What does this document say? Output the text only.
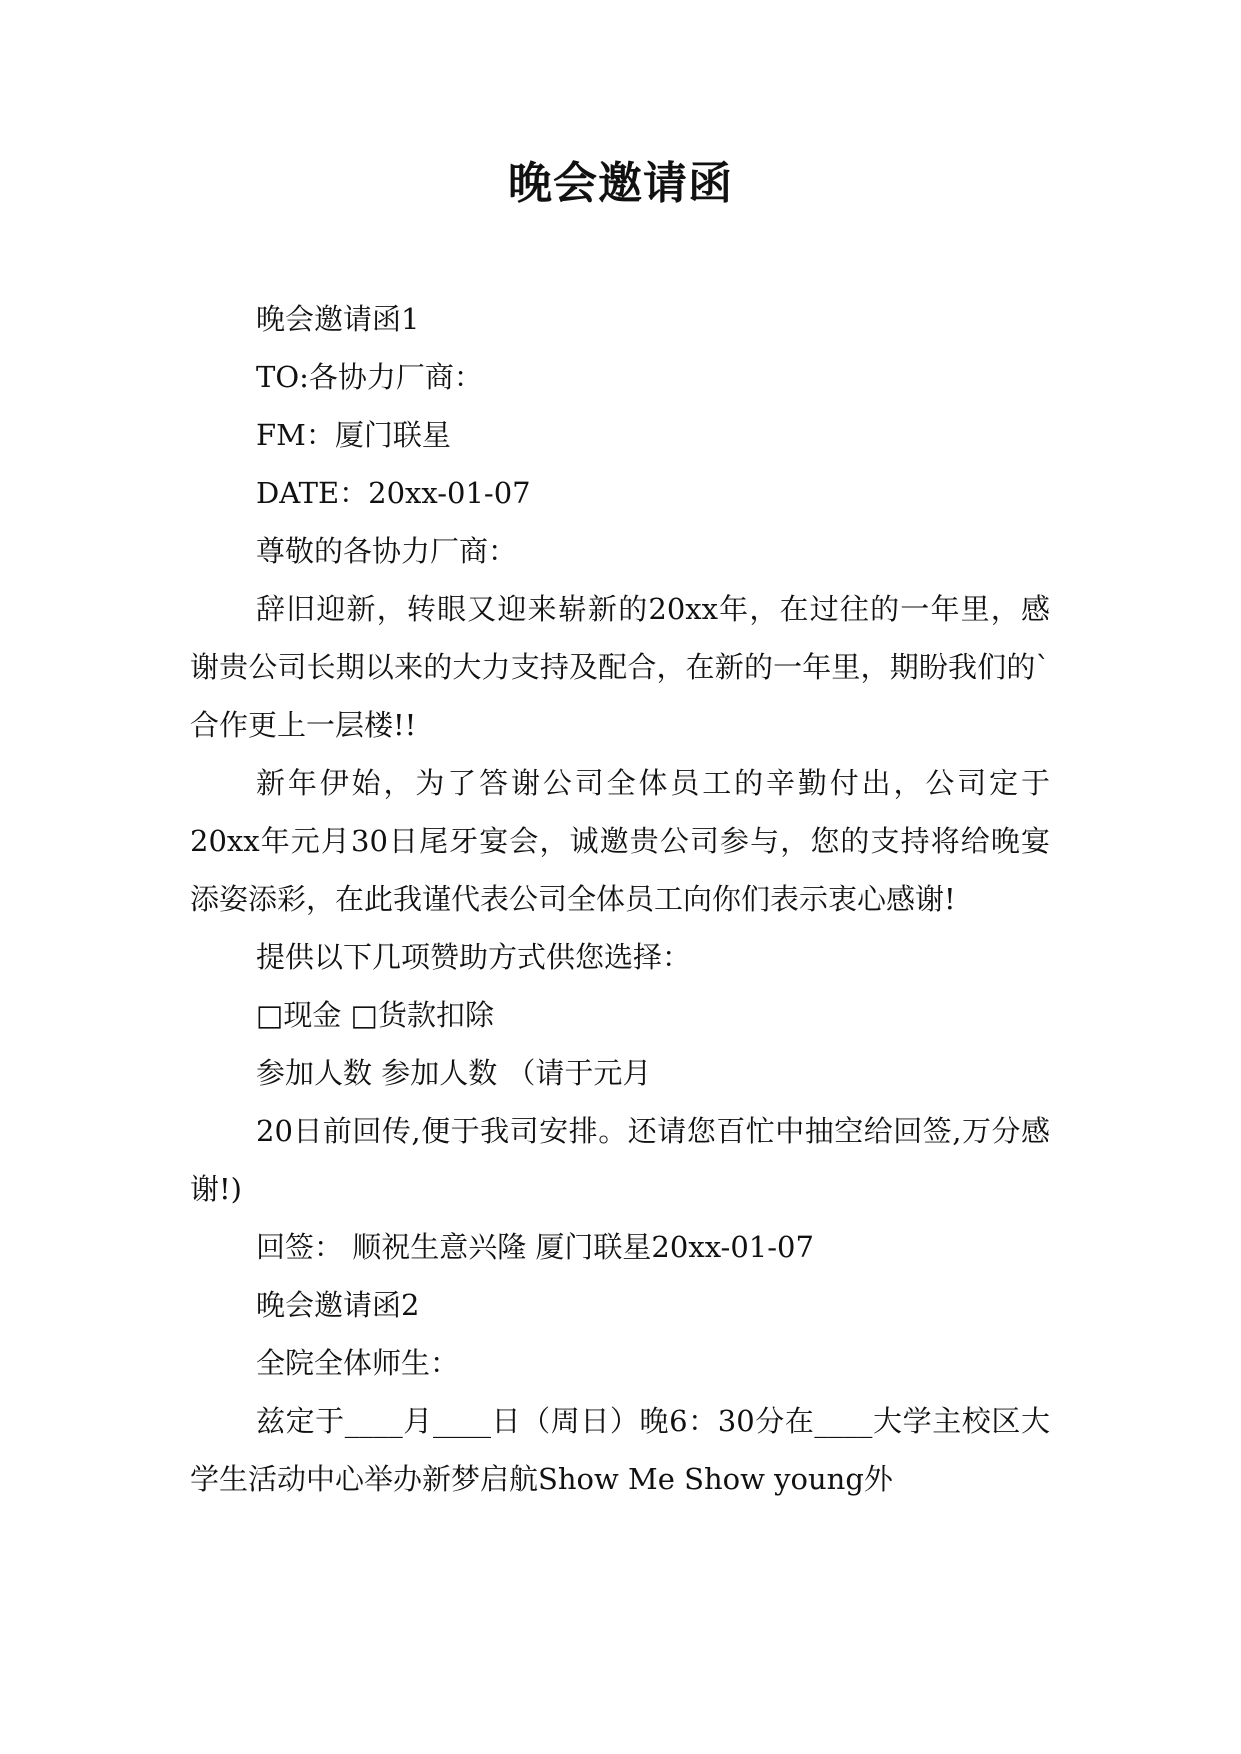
晚会邀请函

晚会邀请函1

TO:各协力厂商：

FM：厦门联星

DATE：20xx-01-07

尊敬的各协力厂商：

辞旧迎新，转眼又迎来崭新的20xx年，在过往的一年里，感谢贵公司长期以来的大力支持及配合，在新的一年里，期盼我们的`合作更上一层楼!!

新年伊始，为了答谢公司全体员工的辛勤付出，公司定于20xx年元月30日尾牙宴会，诚邀贵公司参与，您的支持将给晚宴添姿添彩，在此我谨代表公司全体员工向你们表示衷心感谢!

提供以下几项赞助方式供您选择：

□现金 □货款扣除

参加人数 参加人数 （请于元月

20日前回传,便于我司安排。还请您百忙中抽空给回签,万分感谢!)

回签： 顺祝生意兴隆 厦门联星20xx-01-07

晚会邀请函2

全院全体师生：

兹定于____月____日（周日）晚6：30分在____大学主校区大学生活动中心举办新梦启航Show Me Show young外
